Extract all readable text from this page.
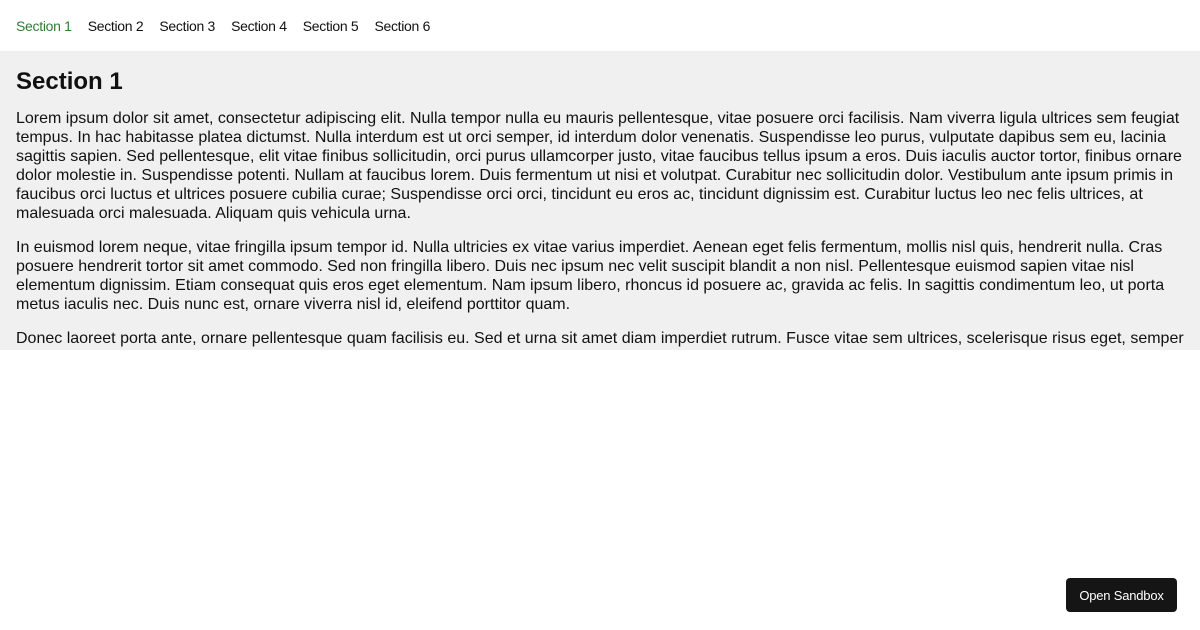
Section 1 Section 2 Section 3 Section 4 Section 5 Section 6
Section 1

Lorem ipsum dolor sit amet, consectetur adipiscing elit. Nulla tempor nulla eu mauris pellentesque, vitae posuere orci facilisis. Nam viverra ligula ultrices sem feugiat tempus. In hac habitasse platea dictumst. Nulla interdum est ut orci semper, id interdum dolor venenatis. Suspendisse leo purus, vulputate dapibus sem eu, lacinia sagittis sapien. Sed pellentesque, elit vitae finibus sollicitudin, orci purus ullamcorper justo, vitae faucibus tellus ipsum a eros. Duis iaculis auctor tortor, finibus ornare dolor molestie in. Suspendisse potenti. Nullam at faucibus lorem. Duis fermentum ut nisi et volutpat. Curabitur nec sollicitudin dolor. Vestibulum ante ipsum primis in faucibus orci luctus et ultrices posuere cubilia curae; Suspendisse orci orci, tincidunt eu eros ac, tincidunt dignissim est. Curabitur luctus leo nec felis ultrices, at malesuada orci malesuada. Aliquam quis vehicula urna.

In euismod lorem neque, vitae fringilla ipsum tempor id. Nulla ultricies ex vitae varius imperdiet. Aenean eget felis fermentum, mollis nisl quis, hendrerit nulla. Cras posuere hendrerit tortor sit amet commodo. Sed non fringilla libero. Duis nec ipsum nec velit suscipit blandit a non nisl. Pellentesque euismod sapien vitae nisl elementum dignissim. Etiam consequat quis eros eget elementum. Nam ipsum libero, rhoncus id posuere ac, gravida ac felis. In sagittis condimentum leo, ut porta metus iaculis nec. Duis nunc est, ornare viverra nisl id, eleifend porttitor quam.

Donec laoreet porta ante, ornare pellentesque quam facilisis eu. Sed et urna sit amet diam imperdiet rutrum. Fusce vitae sem ultrices, scelerisque risus eget, semper

Open Sandbox
